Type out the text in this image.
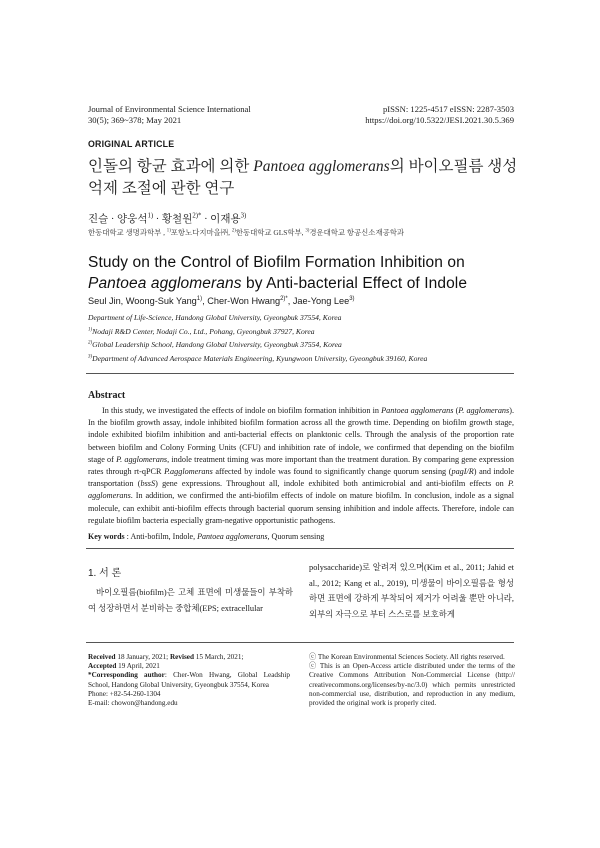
Journal of Environmental Science International
30(5); 369~378; May 2021
pISSN: 1225-4517 eISSN: 2287-3503
https://doi.org/10.5322/JESI.2021.30.5.369
ORIGINAL ARTICLE
인돌의 항균 효과에 의한 Pantoea agglomerans의 바이오필름 생성
억제 조절에 관한 연구
진슬 · 양웅석$^{1)}$ · 황철원$^{2)*}$ · 이재용$^{3)}$
한동대학교 생명과학부 , $^{1)}$포항노다지마을㈜, $^{2)}$한동대학교 GLS학부, $^{3)}$경운대학교 항공신소재공학과
Study on the Control of Biofilm Formation Inhibition on
Pantoea agglomerans by Anti-bacterial Effect of Indole
Seul Jin, Woong-Suk Yang$^{1)}$, Cher-Won Hwang$^{2)*}$, Jae-Yong Lee$^{3)}$
Department of Life-Science, Handong Global University, Gyeongbuk 37554, Korea
$^{1)}$Nodaji R&D Center, Nodaji Co., Ltd., Pohang, Gyeongbuk 37927, Korea
$^{2)}$Global Leadership School, Handong Global University, Gyeongbuk 37554, Korea
$^{3)}$Department of Advanced Aerospace Materials Engineering, Kyungwoon University, Gyeongbuk 39160, Korea
Abstract
In this study, we investigated the effects of indole on biofilm formation inhibition in Pantoea agglomerans (P. agglomerans). In the biofilm growth assay, indole inhibited biofilm formation across all the growth time. Depending on biofilm growth stage, indole exhibited biofilm inhibition and anti-bacterial effects on planktonic cells. Through the analysis of the proportion rate between biofilm and Colony Forming Units (CFU) and inhibition rate of indole, we confirmed that depending on the biofilm stage of P. agglomerans, indole treatment timing was more important than the treatment duration. By comparing gene expression rates through rt-qPCR P.agglomerans affected by indole was found to significantly change quorum sensing (pagI/R) and indole transportation (bssS) gene expressions. Throughout all, indole exhibited both antimicrobial and anti-biofilm effects on P. agglomerans. In addition, we confirmed the anti-biofilm effects of indole on mature biofilm. In conclusion, indole as a signal molecule, can exhibit anti-biofilm effects through bacterial quorum sensing inhibition and indole affects. Therefore, indole can regulate biofilm bacteria especially gram-negative opportunistic pathogens.
Key words : Anti-bofilm, Indole, Pantoea agglomerans, Quorum sensing
1. 서 론
바이오필름(biofilm)은 고체 표면에 미생물들이 부착하여 성장하면서 분비하는 중합체(EPS; extracellular
polysaccharide)로 알려져 있으며(Kim et al., 2011; Jahid et al., 2012; Kang et al., 2019), 미생물이 바이오필름을 형성하면 표면에 강하게 부착되어 제거가 어려울 뿐만 아니라, 외부의 자극으로 부터 스스로를 보호하게
Received 18 January, 2021; Revised 15 March, 2021;
Accepted 19 April, 2021
*Corresponding author: Cher-Won Hwang, Global Leadship School, Handong Global University, Gyeongbuk 37554, Korea
Phone: +82-54-260-1304
E-mail: chowon@handong.edu
ⓒ The Korean Environmental Sciences Society. All rights reserved.
ⓒ This is an Open-Access article distributed under the terms of the Creative Commons Attribution Non-Commercial License (http:// creativecommons.org/licenses/by-nc/3.0) which permits unrestricted non-commercial use, distribution, and reproduction in any medium, provided the original work is properly cited.
